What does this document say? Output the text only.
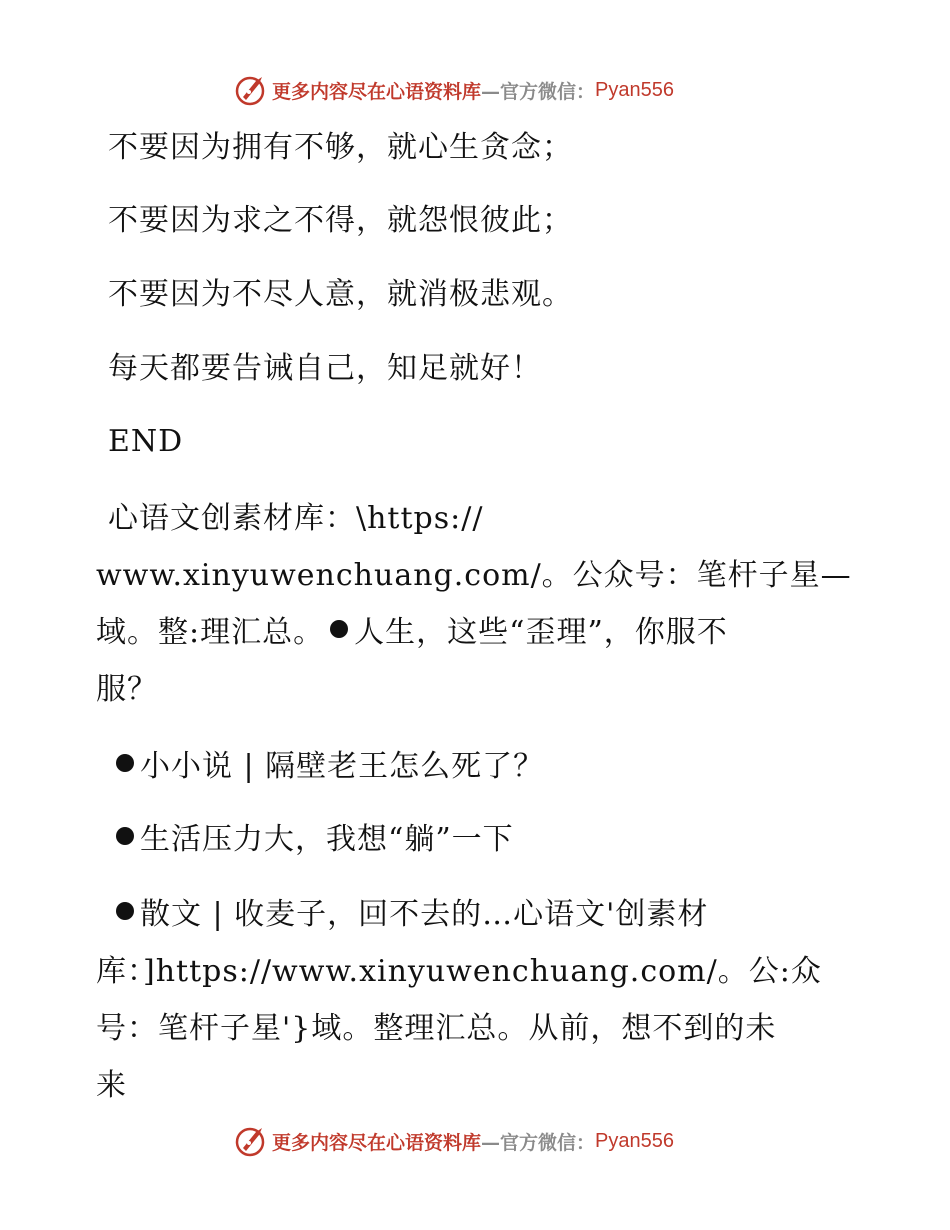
更多内容尽在心语资料库 —官方微信： Pyan556
不要因为拥有不够，就心生贪念；
不要因为求之不得，就怨恨彼此；
不要因为不尽人意，就消极悲观。
每天都要告诫自己，知足就好！
END
心语文创素材库：\https://
www.xinyuwenchuang.com/。公众号：笔杆子星—
域。整:理汇总。 人生，这些“歪理”，你服不
服？
小小说 | 隔壁老王怎么死了？
生活压力大，我想“躺”一下
散文 | 收麦子，回不去的…心语文'创素材
库：]https://www.xinyuwenchuang.com/。公:众
号：笔杆子星'}域。整理汇总。从前，想不到的未
来
更多内容尽在心语资料库 —官方微信： Pyan556
